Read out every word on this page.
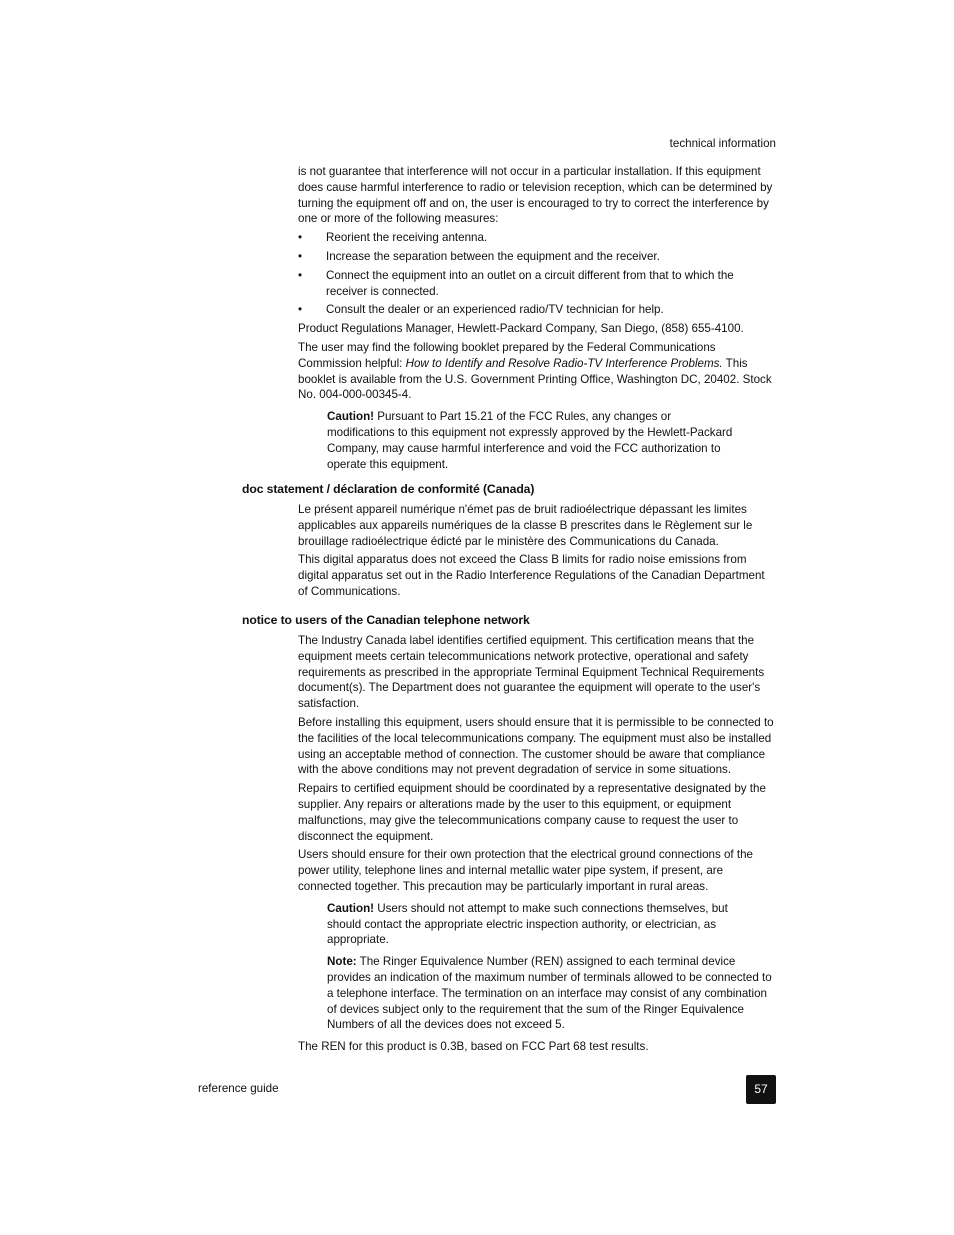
technical information

is not guarantee that interference will not occur in a particular installation. If this equipment does cause harmful interference to radio or television reception, which can be determined by turning the equipment off and on, the user is encouraged to try to correct the interference by one or more of the following measures:

• Reorient the receiving antenna.
• Increase the separation between the equipment and the receiver.
• Connect the equipment into an outlet on a circuit different from that to which the receiver is connected.
• Consult the dealer or an experienced radio/TV technician for help.

Product Regulations Manager, Hewlett-Packard Company, San Diego, (858) 655-4100.

The user may find the following booklet prepared by the Federal Communications Commission helpful: How to Identify and Resolve Radio-TV Interference Problems. This booklet is available from the U.S. Government Printing Office, Washington DC, 20402. Stock No. 004-000-00345-4.

Caution! Pursuant to Part 15.21 of the FCC Rules, any changes or modifications to this equipment not expressly approved by the Hewlett-Packard Company, may cause harmful interference and void the FCC authorization to operate this equipment.
doc statement / déclaration de conformité (Canada)

Le présent appareil numérique n'émet pas de bruit radioélectrique dépassant les limites applicables aux appareils numériques de la classe B prescrites dans le Règlement sur le brouillage radioélectrique édicté par le ministère des Communications du Canada.

This digital apparatus does not exceed the Class B limits for radio noise emissions from digital apparatus set out in the Radio Interference Regulations of the Canadian Department of Communications.

notice to users of the Canadian telephone network

The Industry Canada label identifies certified equipment. This certification means that the equipment meets certain telecommunications network protective, operational and safety requirements as prescribed in the appropriate Terminal Equipment Technical Requirements document(s). The Department does not guarantee the equipment will operate to the user's satisfaction.

Before installing this equipment, users should ensure that it is permissible to be connected to the facilities of the local telecommunications company. The equipment must also be installed using an acceptable method of connection. The customer should be aware that compliance with the above conditions may not prevent degradation of service in some situations.

Repairs to certified equipment should be coordinated by a representative designated by the supplier. Any repairs or alterations made by the user to this equipment, or equipment malfunctions, may give the telecommunications company cause to request the user to disconnect the equipment.

Users should ensure for their own protection that the electrical ground connections of the power utility, telephone lines and internal metallic water pipe system, if present, are connected together. This precaution may be particularly important in rural areas.

Caution! Users should not attempt to make such connections themselves, but should contact the appropriate electric inspection authority, or electrician, as appropriate.
Note: The Ringer Equivalence Number (REN) assigned to each terminal device provides an indication of the maximum number of terminals allowed to be connected to a telephone interface. The termination on an interface may consist of any combination of devices subject only to the requirement that the sum of the Ringer Equivalence Numbers of all the devices does not exceed 5.

The REN for this product is 0.3B, based on FCC Part 68 test results.

reference guide	57
